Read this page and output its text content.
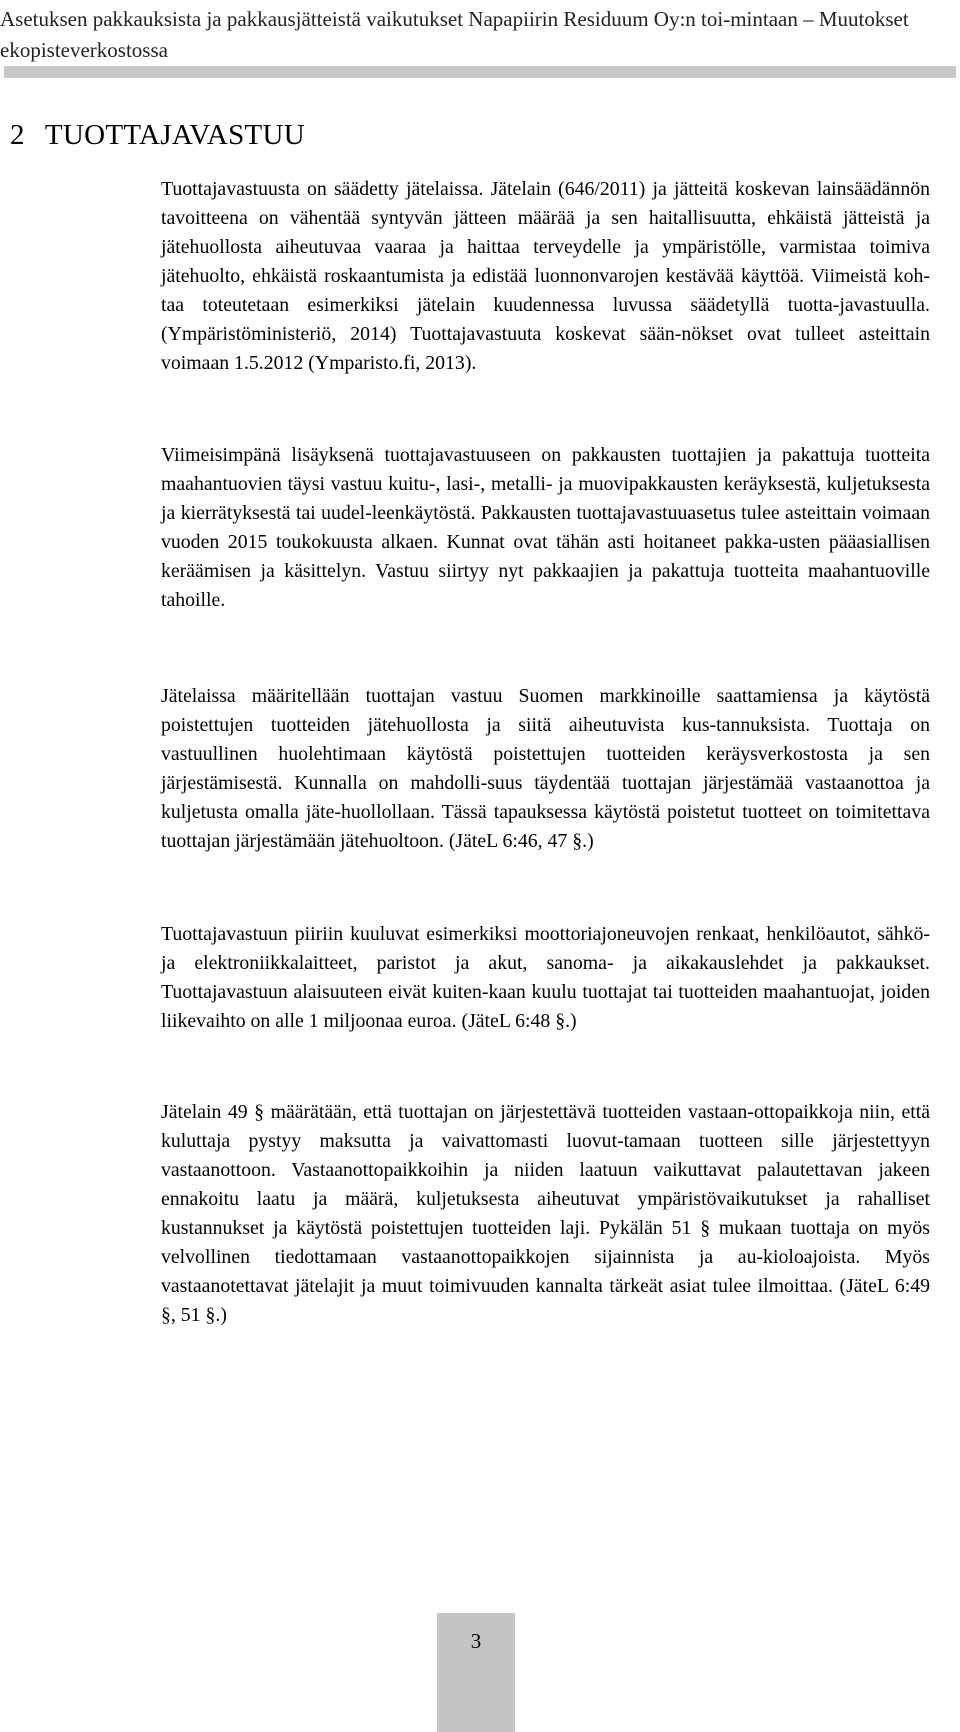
Asetuksen pakkauksista ja pakkausjätteistä vaikutukset Napapiirin Residuum Oy:n toi-mintaan – Muutokset ekopisteverkostossa
2 TUOTTAJAVASTUU

Tuottajavastuusta on säädetty jätelaissa. Jätelain (646/2011) ja jätteitä koskevan lainsäädännön tavoitteena on vähentää syntyvän jätteen määrää ja sen haitallisuutta, ehkäistä jätteistä ja jätehuollosta aiheutuvaa vaaraa ja haittaa terveydelle ja ympäristölle, varmistaa toimiva jätehuolto, ehkäistä roskaantumista ja edistää luonnonvarojen kestävää käyttöä. Viimeistä koh-taa toteutetaan esimerkiksi jätelain kuudennessa luvussa säädetyllä tuotta-javastuulla. (Ympäristöministeriö, 2014) Tuottajavastuuta koskevat sään-nökset ovat tulleet asteittain voimaan 1.5.2012 (Ymparisto.fi, 2013).

Viimeisimpänä lisäyksenä tuottajavastuuseen on pakkausten tuottajien ja pakattuja tuotteita maahantuovien täysi vastuu kuitu-, lasi-, metalli- ja muovipakkausten keräyksestä, kuljetuksesta ja kierrätyksestä tai uudel-leenkäytöstä. Pakkausten tuottajavastuuasetus tulee asteittain voimaan vuoden 2015 toukokuusta alkaen. Kunnat ovat tähän asti hoitaneet pakka-usten pääasiallisen keräämisen ja käsittelyn. Vastuu siirtyy nyt pakkaajien ja pakattuja tuotteita maahantuoville tahoille.

Jätelaissa määritellään tuottajan vastuu Suomen markkinoille saattamiensa ja käytöstä poistettujen tuotteiden jätehuollosta ja siitä aiheutuvista kus-tannuksista. Tuottaja on vastuullinen huolehtimaan käytöstä poistettujen tuotteiden keräysverkostosta ja sen järjestämisestä. Kunnalla on mahdolli-suus täydentää tuottajan järjestämää vastaanottoa ja kuljetusta omalla jäte-huollollaan. Tässä tapauksessa käytöstä poistetut tuotteet on toimitettava tuottajan järjestämään jätehuoltoon. (JäteL 6:46, 47 §.)

Tuottajavastuun piiriin kuuluvat esimerkiksi moottoriajoneuvojen renkaat, henkilöautot, sähkö- ja elektroniikkalaitteet, paristot ja akut, sanoma- ja aikakauslehdet ja pakkaukset. Tuottajavastuun alaisuuteen eivät kuiten-kaan kuulu tuottajat tai tuotteiden maahantuojat, joiden liikevaihto on alle 1 miljoonaa euroa. (JäteL 6:48 §.)

Jätelain 49 § määrätään, että tuottajan on järjestettävä tuotteiden vastaan-ottopaikkoja niin, että kuluttaja pystyy maksutta ja vaivattomasti luovut-tamaan tuotteen sille järjestettyyn vastaanottoon. Vastaanottopaikkoihin ja niiden laatuun vaikuttavat palautettavan jakeen ennakoitu laatu ja määrä, kuljetuksesta aiheutuvat ympäristövaikutukset ja rahalliset kustannukset ja käytöstä poistettujen tuotteiden laji. Pykälän 51 § mukaan tuottaja on myös velvollinen tiedottamaan vastaanottopaikkojen sijainnista ja au-kioloajoista. Myös vastaanotettavat jätelajit ja muut toimivuuden kannalta tärkeät asiat tulee ilmoittaa. (JäteL 6:49 §, 51 §.)

3
